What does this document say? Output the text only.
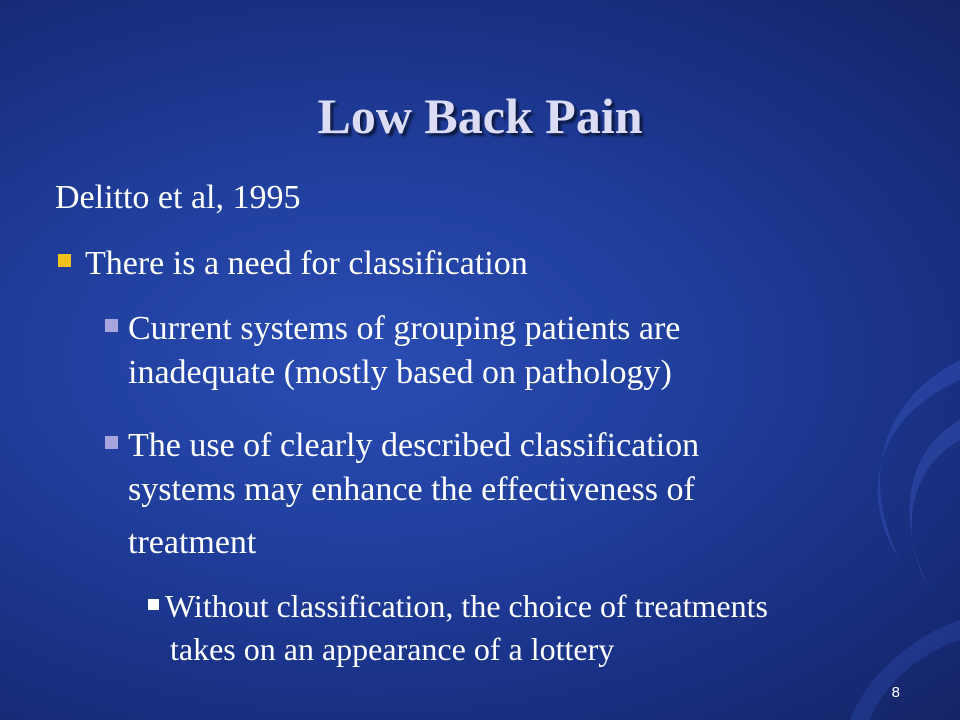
Low Back Pain
Delitto et al, 1995
There is a need for classification
Current systems of grouping patients are
inadequate (mostly based on pathology)
The use of clearly described classification
systems may enhance the effectiveness of
treatment
Without classification, the choice of treatments
takes on an appearance of a lottery
8
